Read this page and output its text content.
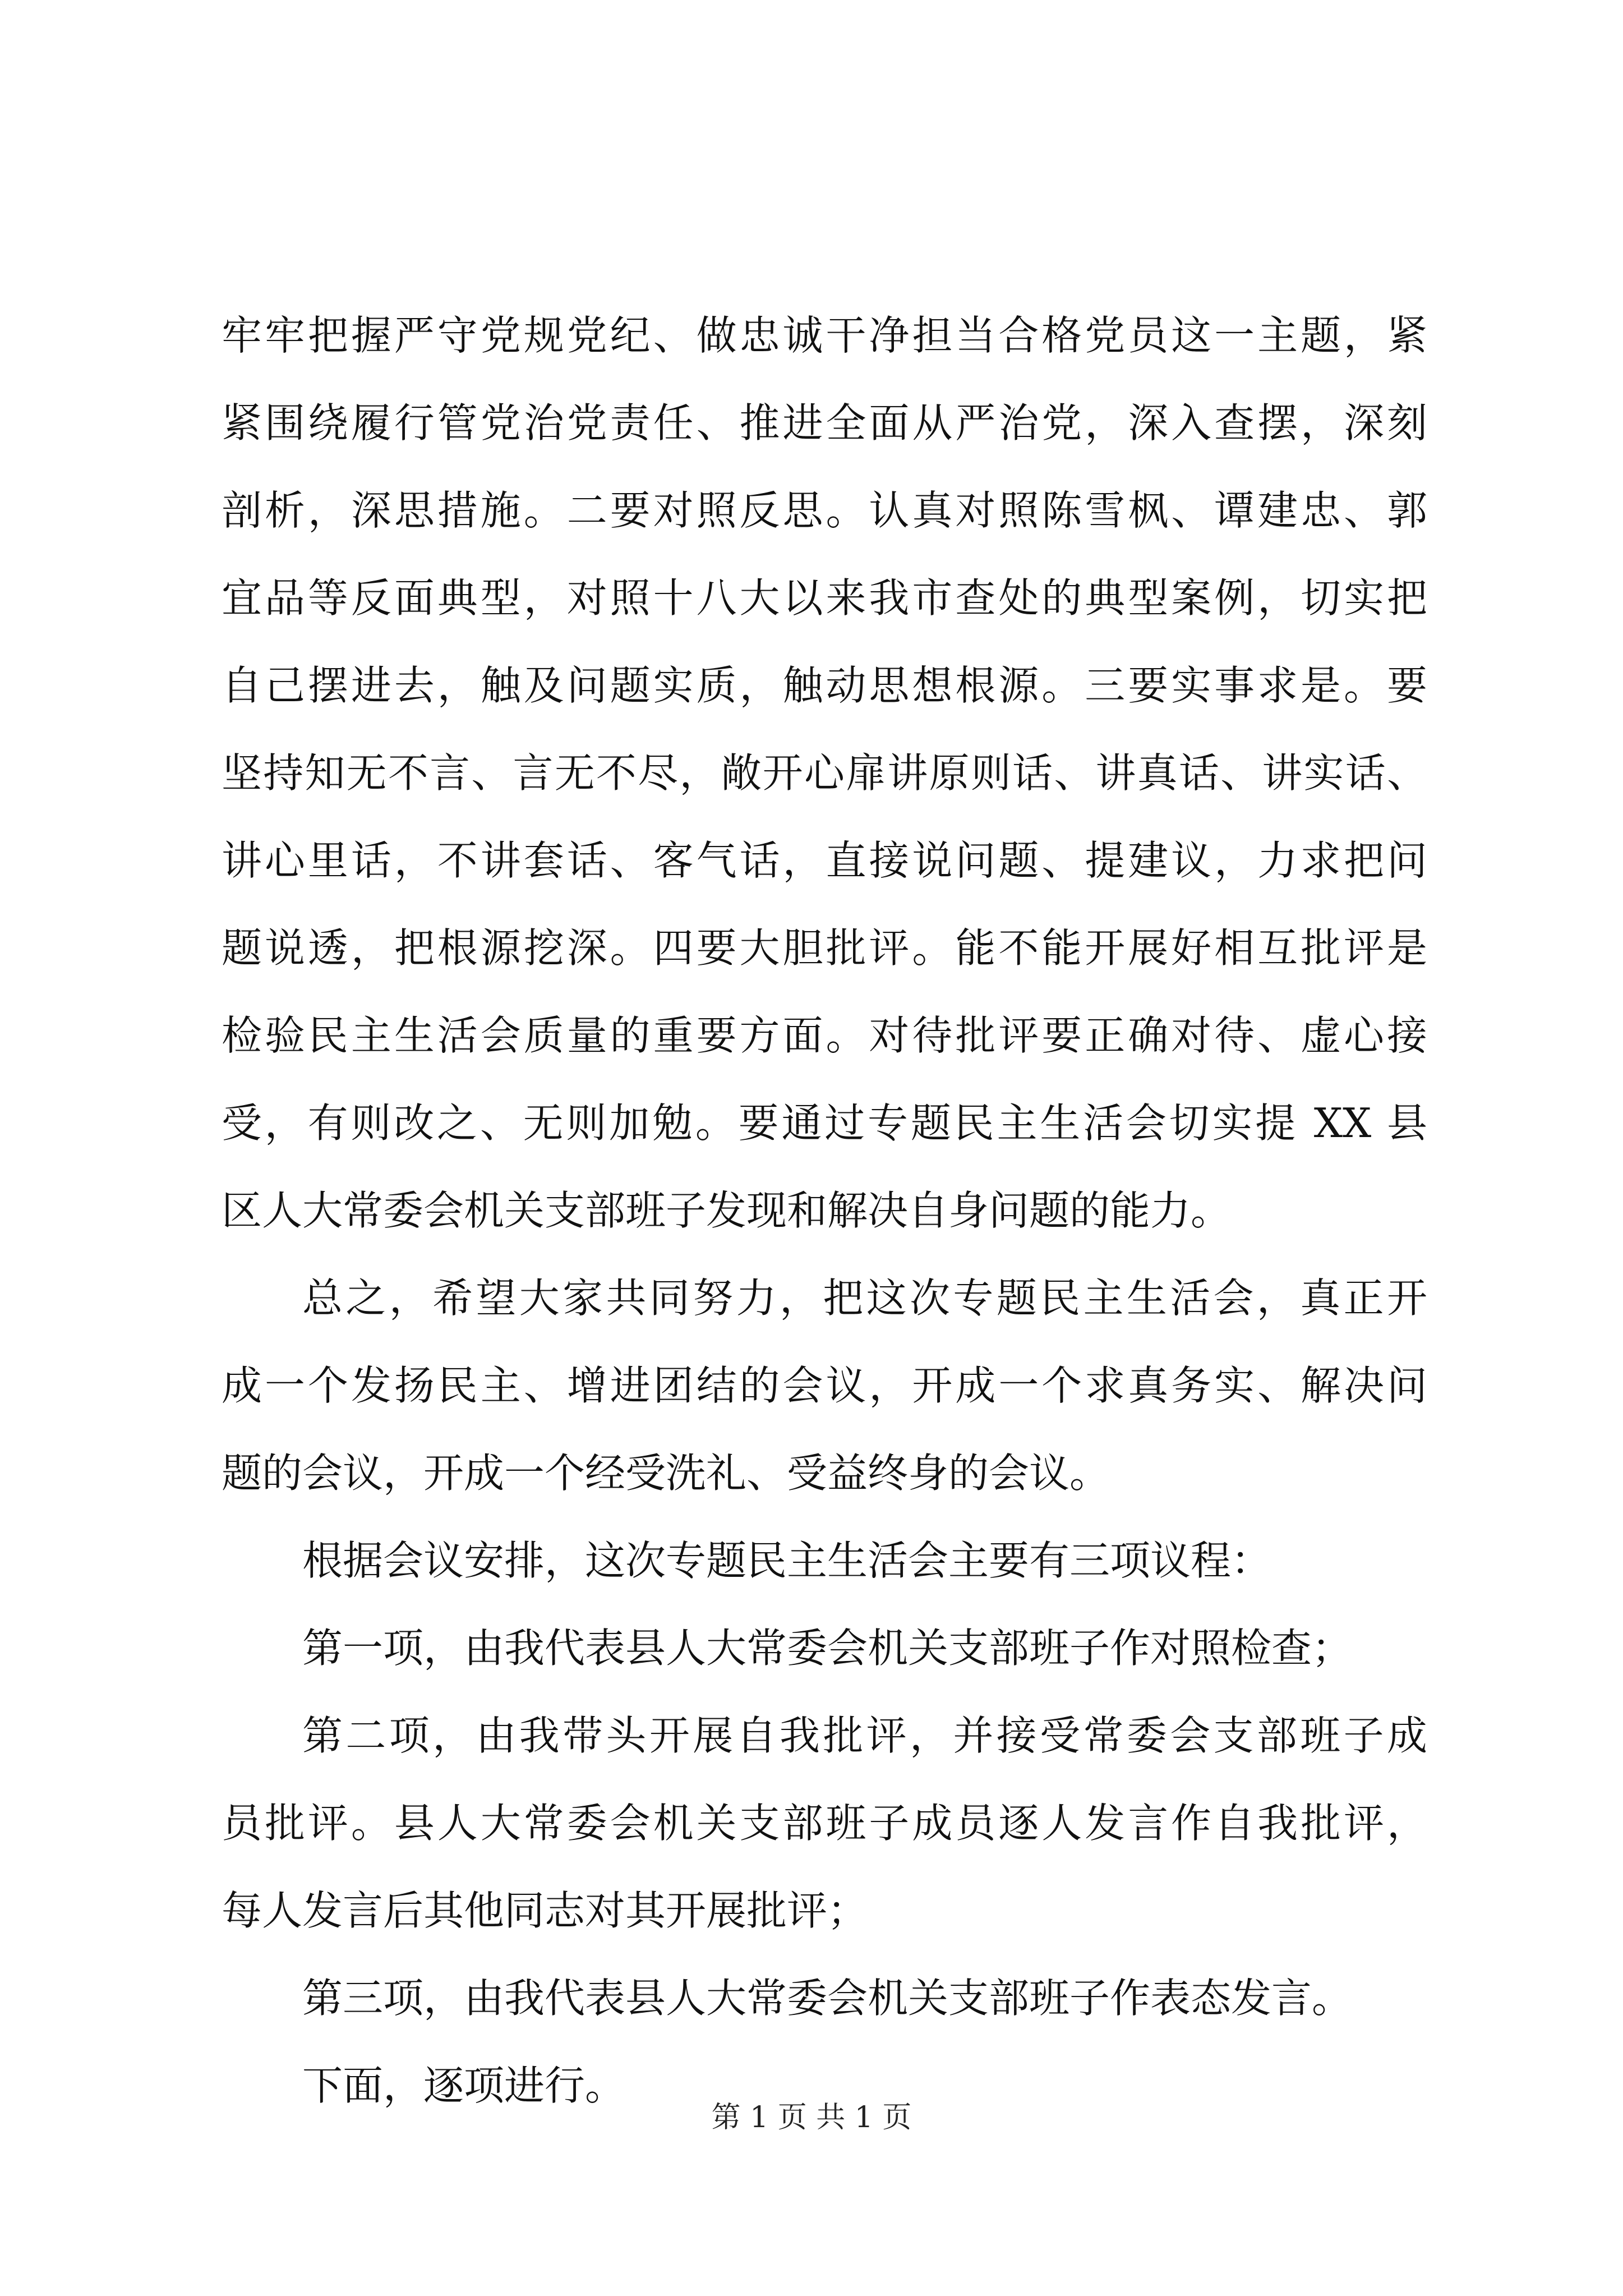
牢牢把握严守党规党纪、做忠诚干净担当合格党员这一主题，紧
紧围绕履行管党治党责任、推进全面从严治党，深入查摆，深刻
剖析，深思措施。二要对照反思。认真对照陈雪枫、谭建忠、郭
宜品等反面典型，对照十八大以来我市查处的典型案例，切实把
自己摆进去，触及问题实质，触动思想根源。三要实事求是。要
坚持知无不言、言无不尽，敞开心扉讲原则话、讲真话、讲实话、
讲心里话，不讲套话、客气话，直接说问题、提建议，力求把问
题说透，把根源挖深。四要大胆批评。能不能开展好相互批评是
检验民主生活会质量的重要方面。对待批评要正确对待、虚心接
受，有则改之、无则加勉。要通过专题民主生活会切实提 XX 县
区人大常委会机关支部班子发现和解决自身问题的能力。
总之，希望大家共同努力，把这次专题民主生活会，真正开
成一个发扬民主、增进团结的会议，开成一个求真务实、解决问
题的会议，开成一个经受洗礼、受益终身的会议。
根据会议安排，这次专题民主生活会主要有三项议程：
第一项，由我代表县人大常委会机关支部班子作对照检查；
第二项，由我带头开展自我批评，并接受常委会支部班子成
员批评。县人大常委会机关支部班子成员逐人发言作自我批评，
每人发言后其他同志对其开展批评；
第三项，由我代表县人大常委会机关支部班子作表态发言。
下面，逐项进行。
第 1 页 共 1 页
